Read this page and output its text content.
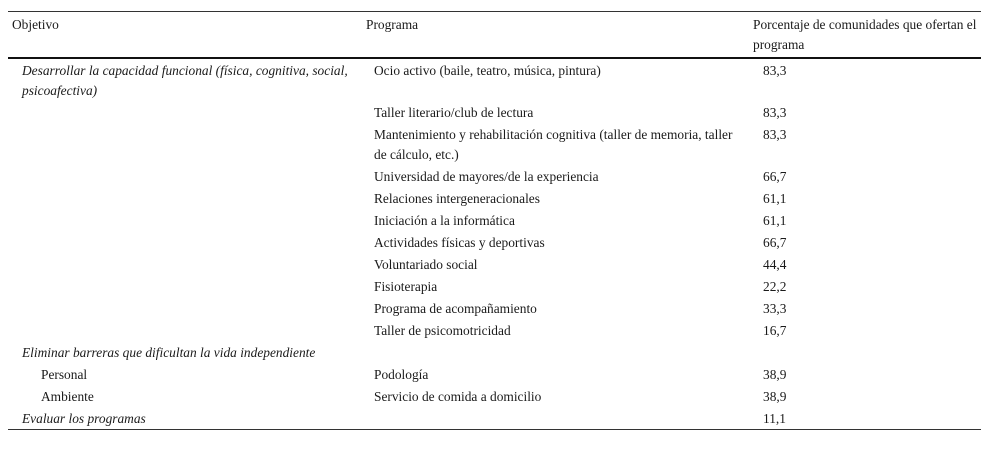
Objetivo	Programa	Porcentaje de comunidades que ofertan el programa
Desarrollar la capacidad funcional (física, cognitiva, social, psicoafectiva)	Ocio activo (baile, teatro, música, pintura)	83,3
	Taller literario/club de lectura	83,3
	Mantenimiento y rehabilitación cognitiva (taller de memoria, taller de cálculo, etc.)	83,3
	Universidad de mayores/de la experiencia	66,7
	Relaciones intergeneracionales	61,1
	Iniciación a la informática	61,1
	Actividades físicas y deportivas	66,7
	Voluntariado social	44,4
	Fisioterapia	22,2
	Programa de acompañamiento	33,3
	Taller de psicomotricidad	16,7
Eliminar barreras que dificultan la vida independiente		
Personal	Podología	38,9
Ambiente	Servicio de comida a domicilio	38,9
Evaluar los programas		11,1
